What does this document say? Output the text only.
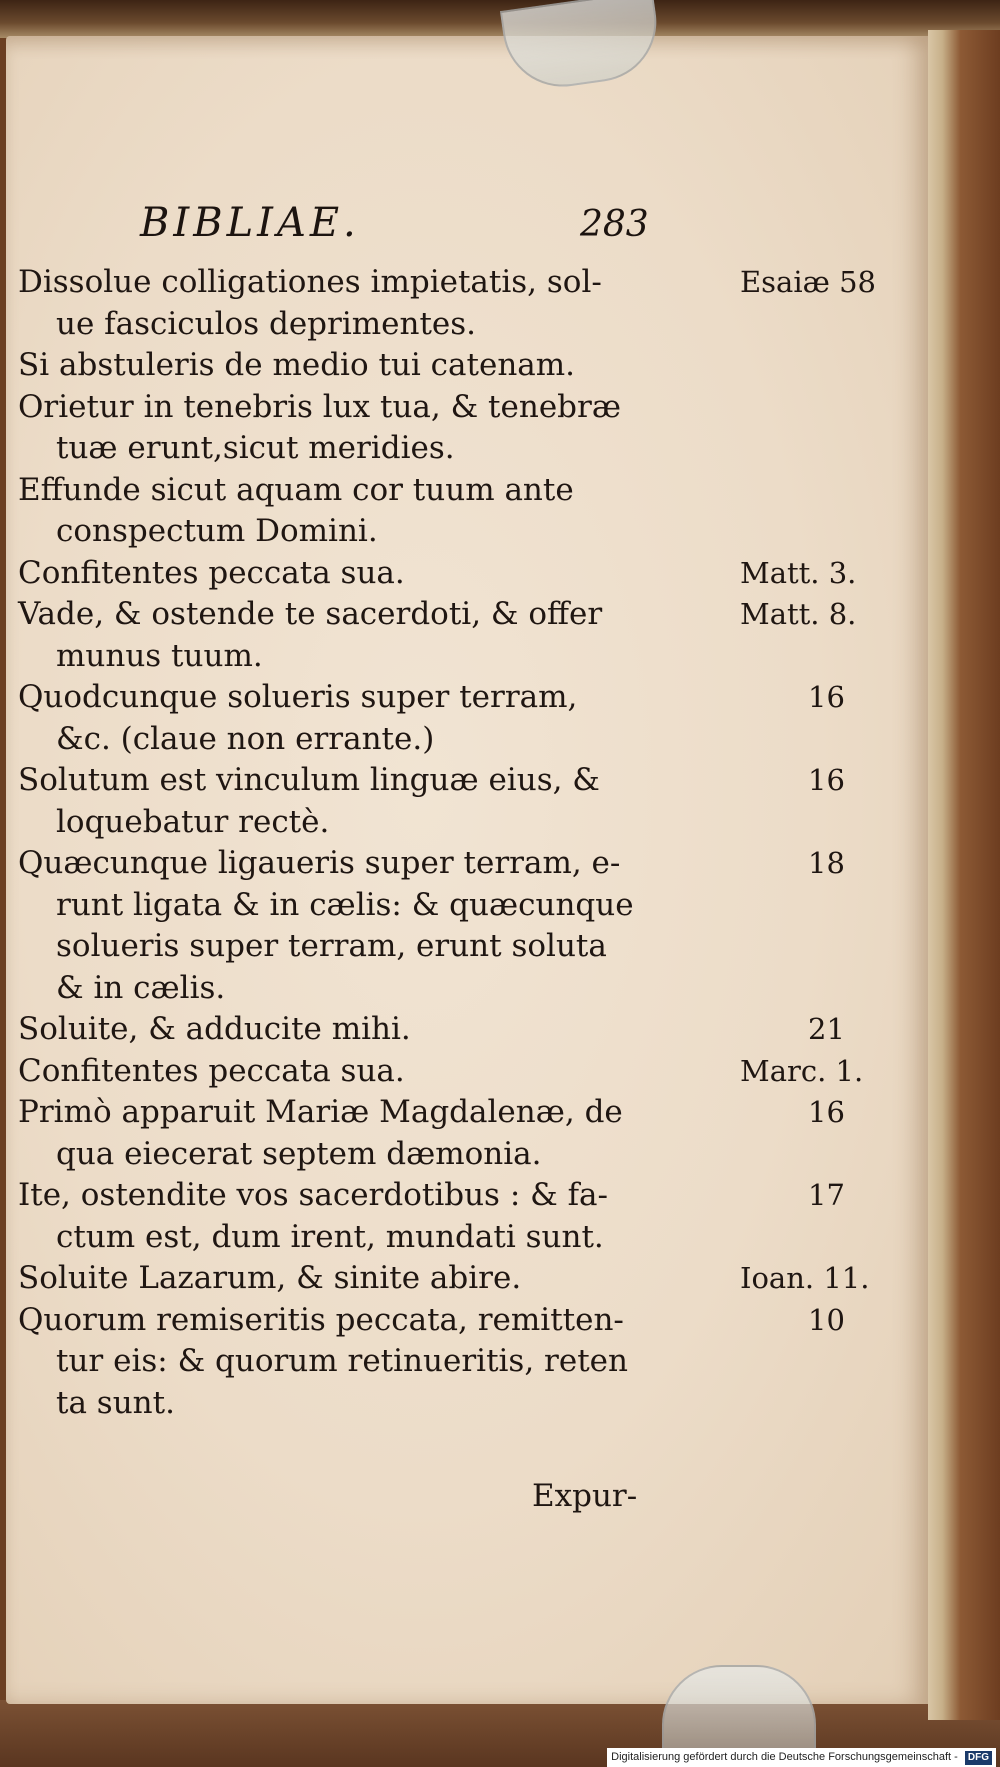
BIBLIAE.	283
Dissolue colligationes impietatis, sol-
ue fasciculos deprimentes.
Si abstuleris de medio tui catenam.
Orietur in tenebris lux tua, & tenebræ
tuæ erunt,sicut meridies.
Effunde sicut aquam cor tuum ante
conspectum Domini.
Confitentes peccata sua.
Vade, & ostende te sacerdoti, & offer
munus tuum.
Quodcunque solueris super terram,
&c. (claue non errante.)
Solutum est vinculum linguæ eius, &
loquebatur rectè.
Quæcunque ligaueris super terram, e-
runt ligata & in cælis: & quæcunque
solueris super terram, erunt soluta
& in cælis.
Soluite, & adducite mihi.
Confitentes peccata sua.
Primò apparuit Mariæ Magdalenæ, de
qua eiecerat septem dæmonia.
Ite, ostendite vos sacerdotibus : & fa-
ctum est, dum irent, mundati sunt.
Soluite Lazarum, & sinite abire.
Quorum remiseritis peccata, remitten-
tur eis: & quorum retinueritis, reten
ta sunt.
Esaiæ 58
Matt. 3.
Matt. 8.
16
16
18
21
Marc. 1.
16
17
Ioan. 11.
10
Expur-
Digitalisierung gefördert durch die Deutsche Forschungsgemeinschaft - DFG
